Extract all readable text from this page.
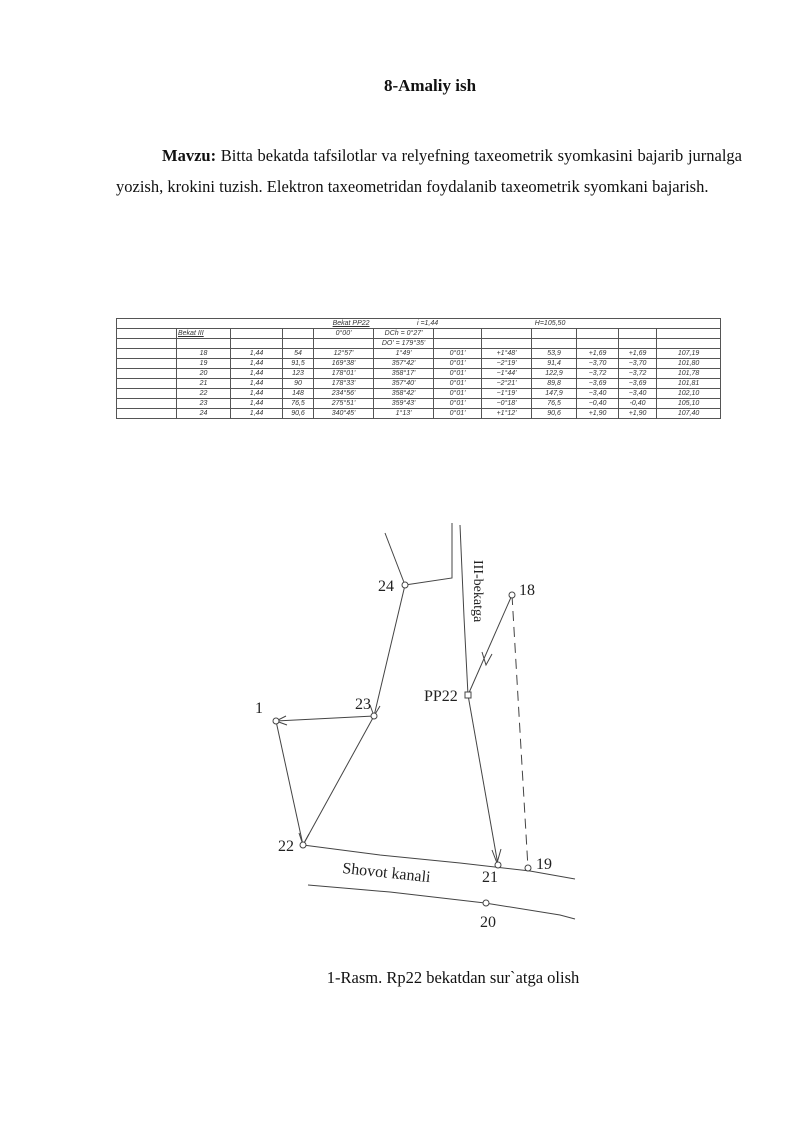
8-Amaliy ish
Mavzu: Bitta bekatda tafsilotlar va relyefning taxeometrik syomkasini bajarib jurnalga yozish, krokini tuzish. Elektron taxeometridan foydalanib taxeometrik syomkani bajarish.
Bekat PP22					i =1,44		H=105,50				
	Bekat III			0°00'	DCh = 0°27'						
					DO' = 179°35'						
	18	1,44	54	12°57'	1°49'	0°01'	+1°48'	53,9	+1,69	+1,69	107,19
	19	1,44	91,5	169°38'	357°42'	0°01'	−2°19'	91,4	−3,70	−3,70	101,80
	20	1,44	123	178°01'	358°17'	0°01'	−1°44'	122,9	−3,72	−3,72	101,78
	21	1,44	90	178°33'	357°40'	0°01'	−2°21'	89,8	−3,69	−3,69	101,81
	22	1,44	148	234°56'	358°42'	0°01'	−1°19'	147,9	−3,40	−3,40	102,10
	23	1,44	76,5	275°51'	359°43'	0°01'	−0°18'	76,5	−0,40	-0,40	105,10
	24	1,44	90,6	340°45'	1°13'	0°01'	+1°12'	90,6	+1,90	+1,90	107,40
24	18
23
1
PP22
22
21
19
20
Shovot kanali
III-bekatga
1-Rasm. Rp22 bekatdan sur`atga olish
